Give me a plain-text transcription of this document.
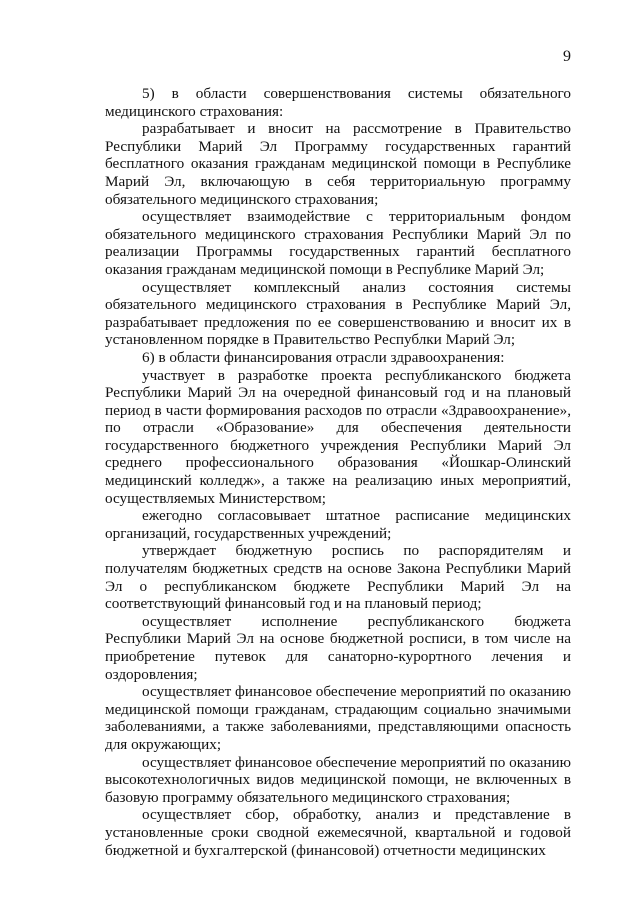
9

5) в области совершенствования системы обязательного медицинского страхования:

разрабатывает и вносит на рассмотрение в Правительство Республики Марий Эл Программу государственных гарантий бесплатного оказания гражданам медицинской помощи в Республике Марий Эл, включающую в себя территориальную программу обязательного медицинского страхования;

осуществляет взаимодействие с территориальным фондом обязательного медицинского страхования Республики Марий Эл по реализации Программы государственных гарантий бесплатного оказания гражданам медицинской помощи в Республике Марий Эл;

осуществляет комплексный анализ состояния системы обязательного медицинского страхования в Республике Марий Эл, разрабатывает предложения по ее совершенствованию и вносит их в установленном порядке в Правительство Республки Марий Эл;

6) в области финансирования отрасли здравоохранения:

участвует в разработке проекта республиканского бюджета Республики Марий Эл на очередной финансовый год и на плановый период в части формирования расходов по отрасли «Здравоохранение», по отрасли «Образование» для обеспечения деятельности государственного бюджетного учреждения Республики Марий Эл среднего профессионального образования «Йошкар-Олинский медицинский колледж», а также на реализацию иных мероприятий, осуществляемых Министерством;

ежегодно согласовывает штатное расписание медицинских организаций, государственных учреждений;

утверждает бюджетную роспись по распорядителям и получателям бюджетных средств на основе Закона Республики Марий Эл о республиканском бюджете Республики Марий Эл на соответствующий финансовый год и на плановый период;

осуществляет исполнение республиканского бюджета Республики Марий Эл на основе бюджетной росписи, в том числе на приобретение путевок для санаторно-курортного лечения и оздоровления;

осуществляет финансовое обеспечение мероприятий по оказанию медицинской помощи гражданам, страдающим социально значимыми заболеваниями, а также заболеваниями, представляющими опасность для окружающих;

осуществляет финансовое обеспечение мероприятий по оказанию высокотехнологичных видов медицинской помощи, не включенных в базовую программу обязательного медицинского страхования;

осуществляет сбор, обработку, анализ и представление в установленные сроки сводной ежемесячной, квартальной и годовой бюджетной и бухгалтерской (финансовой) отчетности медицинских
